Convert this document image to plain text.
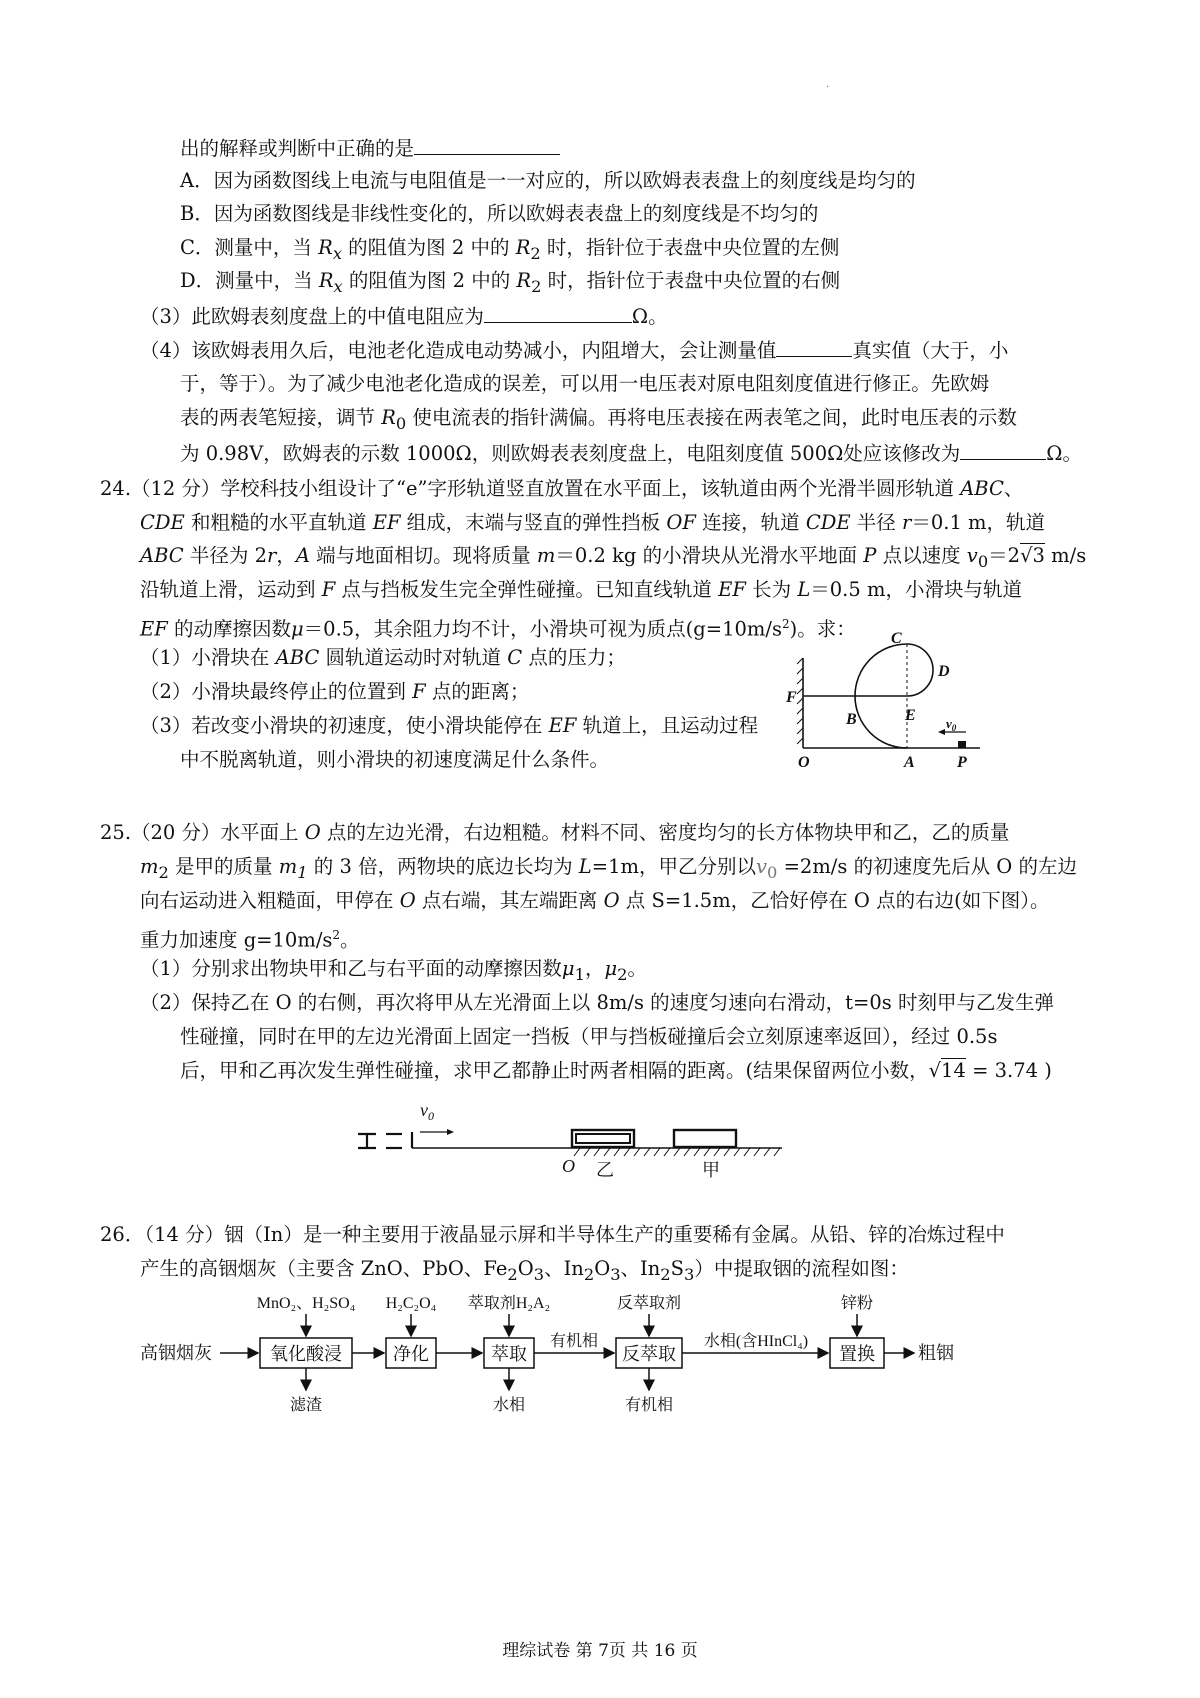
·
出的解释或判断中正确的是
A．因为函数图线上电流与电阻值是一一对应的，所以欧姆表表盘上的刻度线是均匀的
B．因为函数图线是非线性变化的，所以欧姆表表盘上的刻度线是不均匀的
C．测量中，当 $R_x$ 的阻值为图 2 中的 $R_2$ 时，指针位于表盘中央位置的左侧
D．测量中，当 $R_x$ 的阻值为图 2 中的 $R_2$ 时，指针位于表盘中央位置的右侧
（3）此欧姆表刻度盘上的中值电阻应为	Ω。
（4）该欧姆表用久后，电池老化造成电动势减小，内阻增大，会让测量值	真实值（大于，小
于，等于）。为了减少电池老化造成的误差，可以用一电压表对原电阻刻度值进行修正。先欧姆
表的两表笔短接，调节 $R_0$ 使电流表的指针满偏。再将电压表接在两表笔之间，此时电压表的示数
为 0.98V，欧姆表的示数 1000Ω，则欧姆表表刻度盘上，电阻刻度值 500Ω处应该修改为	Ω。
24.（12 分）学校科技小组设计了“e”字形轨道竖直放置在水平面上，该轨道由两个光滑半圆形轨道 ABC、
CDE 和粗糙的水平直轨道 EF 组成，末端与竖直的弹性挡板 OF 连接，轨道 CDE 半径 r＝0.1 m，轨道
ABC 半径为 2r，A 端与地面相切。现将质量 m＝0.2 kg 的小滑块从光滑水平地面 P 点以速度 $v_0=2√3$ m/s
沿轨道上滑，运动到 F 点与挡板发生完全弹性碰撞。已知直线轨道 EF 长为 L＝0.5 m，小滑块与轨道
EF 的动摩擦因数μ＝0.5，其余阻力均不计，小滑块可视为质点$(g=10m/s^2)$。求：
（1）小滑块在 ABC 圆轨道运动时对轨道 C 点的压力；
（2）小滑块最终停止的位置到 F 点的距离；
（3）若改变小滑块的初速度，使小滑块能停在 EF 轨道上，且运动过程
中不脱离轨道，则小滑块的初速度满足什么条件。
C
D
F
B	E
O	A	P
$v_0$
25.（20 分）水平面上 O 点的左边光滑，右边粗糙。材料不同、密度均匀的长方体物块甲和乙，乙的质量
$m_2$ 是甲的质量 $m_1$ 的 3 倍，两物块的底边长均为 L=1m，甲乙分别以$v_0 =2m/s$ 的初速度先后从 O 的左边
向右运动进入粗糙面，甲停在 O 点右端，其左端距离 O 点 S=1.5m，乙恰好停在 O 点的右边(如下图）。
重力加速度 $g=10m/s^2$。
（1）分别求出物块甲和乙与右平面的动摩擦因数$\mu_1$，$\mu_2$。
（2）保持乙在 O 的右侧，再次将甲从左光滑面上以 8m/s 的速度匀速向右滑动，t=0s 时刻甲与乙发生弹
性碰撞，同时在甲的左边光滑面上固定一挡板（甲与挡板碰撞后会立刻原速率返回），经过 0.5s
后，甲和乙再次发生弹性碰撞，求甲乙都静止时两者相隔的距离。(结果保留两位小数，√14 = 3.74 )
$v_0$
O 乙	甲
26．（14 分）铟（In）是一种主要用于液晶显示屏和半导体生产的重要稀有金属。从铅、锌的冶炼过程中
产生的高铟烟灰（主要含 ZnO、PbO、$Fe_2O_3$、$In_2O_3$、$In_2S_3$）中提取铟的流程如图：
高铟烟灰	氧化酸浸	净化	萃取	反萃取	置换 粗铟
MnO₂、H₂SO₄ H₂C₂O₄ 萃取剂H₂A₂	反萃取剂	锌粉
滤渣	水相	有机相
有机相	水相(含HInCl₄)
理综试卷 第 7页 共 16 页
